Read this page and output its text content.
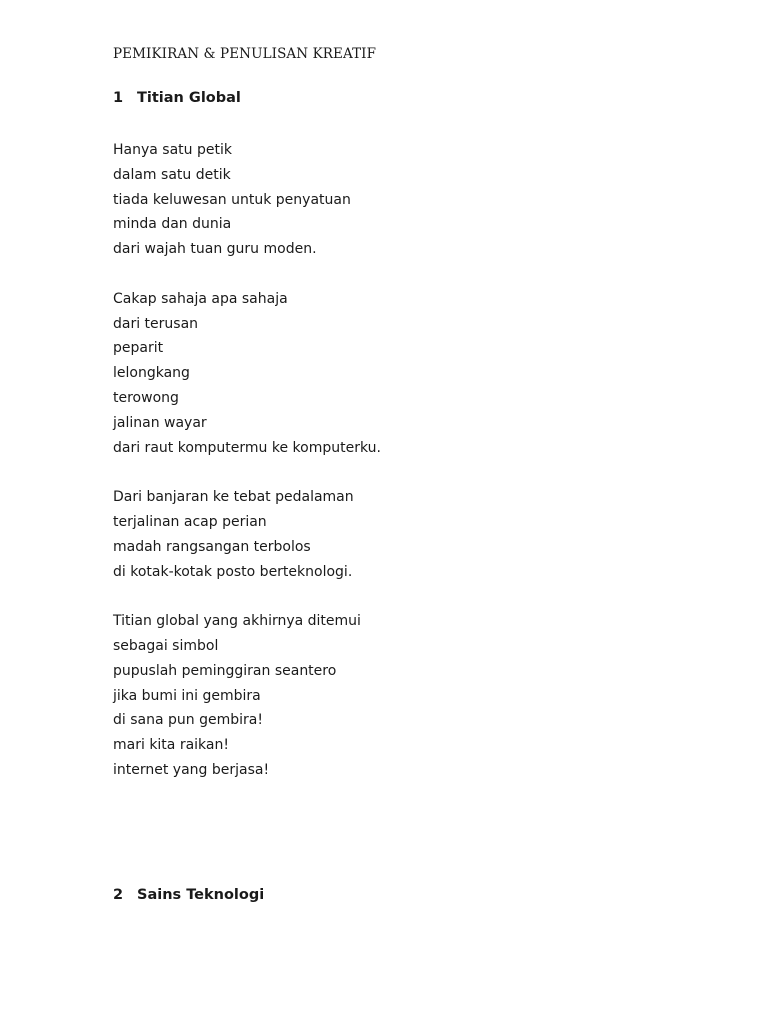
PEMIKIRAN & PENULISAN KREATIF
1 Titian Global
Hanya satu petik
dalam satu detik
tiada keluwesan untuk penyatuan
minda dan dunia
dari wajah tuan guru moden.
Cakap sahaja apa sahaja
dari terusan
peparit
lelongkang
terowong
jalinan wayar
dari raut komputermu ke komputerku.
Dari banjaran ke tebat pedalaman
terjalinan acap perian
madah rangsangan terbolos
di kotak-kotak posto berteknologi.
Titian global yang akhirnya ditemui
sebagai simbol
pupuslah peminggiran seantero
jika bumi ini gembira
di sana pun gembira!
mari kita raikan!
internet yang berjasa!
2 Sains Teknologi
